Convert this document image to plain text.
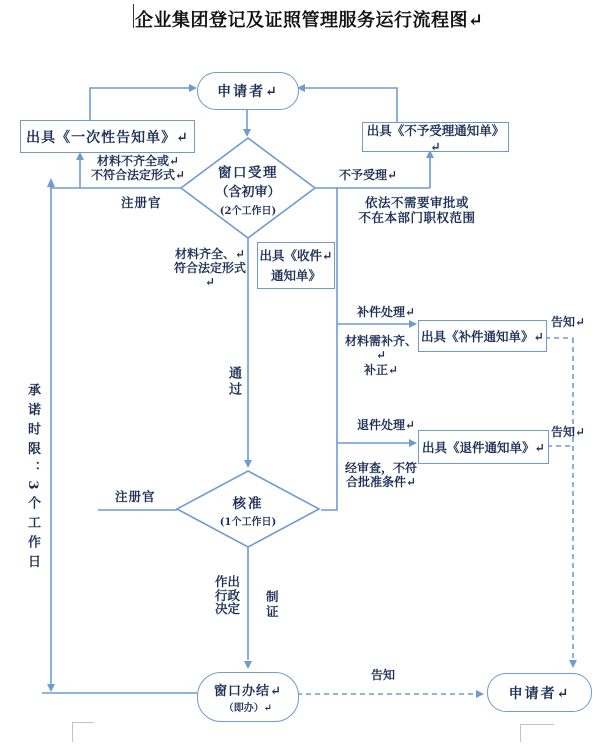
企业集团登记及证照管理服务运行流程图↵
申请者↵
出具《一次性告知单》↵	出具《不予受理通知单》↵
窗口受理
（含初审）
(2个工作日)
出具《收件↵
通知单》
出具《补件通知单》↵
出具《退件通知单》↵
核准
(1个工作日)
窗口办结↵
（即办）↵
申请者↵
材料不齐全或↵
不符合法定形式↵
注册官
不予受理↵
依法不需要审批或
不在本部门职权范围
材料齐全、↵
符合法定形式↵
通过
补件处理↵
材料需补齐、↵
补正↵
告知↵
退件处理↵
经审查，不符
合批准条件↵
告知↵
注册官
承诺时限：3个工作日
作出
行政
决定
制
证
告知
